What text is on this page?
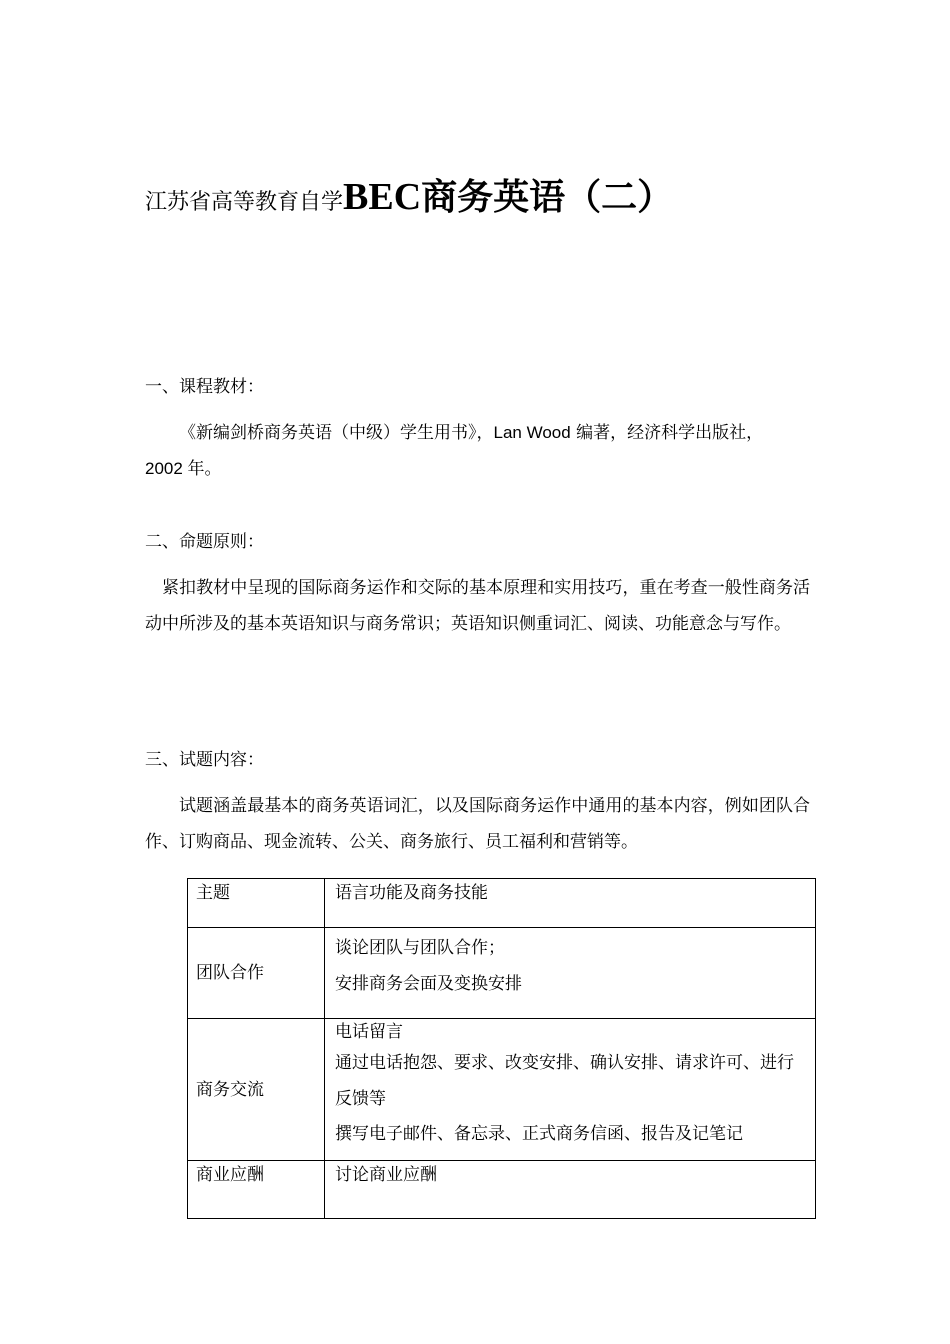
江苏省高等教育自学BEC商务英语（二）
一、课程教材：
《新编剑桥商务英语（中级）学生用书》，Lan Wood 编著，经济科学出版社，
2002 年。
二、命题原则：
紧扣教材中呈现的国际商务运作和交际的基本原理和实用技巧，重在考查一般性商务活动中所涉及的基本英语知识与商务常识；英语知识侧重词汇、阅读、功能意念与写作。
三、试题内容：
试题涵盖最基本的商务英语词汇，以及国际商务运作中通用的基本内容，例如团队合作、订购商品、现金流转、公关、商务旅行、员工福利和营销等。
主题	语言功能及商务技能

团队合作	谈论团队与团队合作；
安排商务会面及变换安排

商务交流	电话留言
通过电话抱怨、要求、改变安排、确认安排、请求许可、进行反馈等
撰写电子邮件、备忘录、正式商务信函、报告及记笔记

商业应酬	讨论商业应酬
